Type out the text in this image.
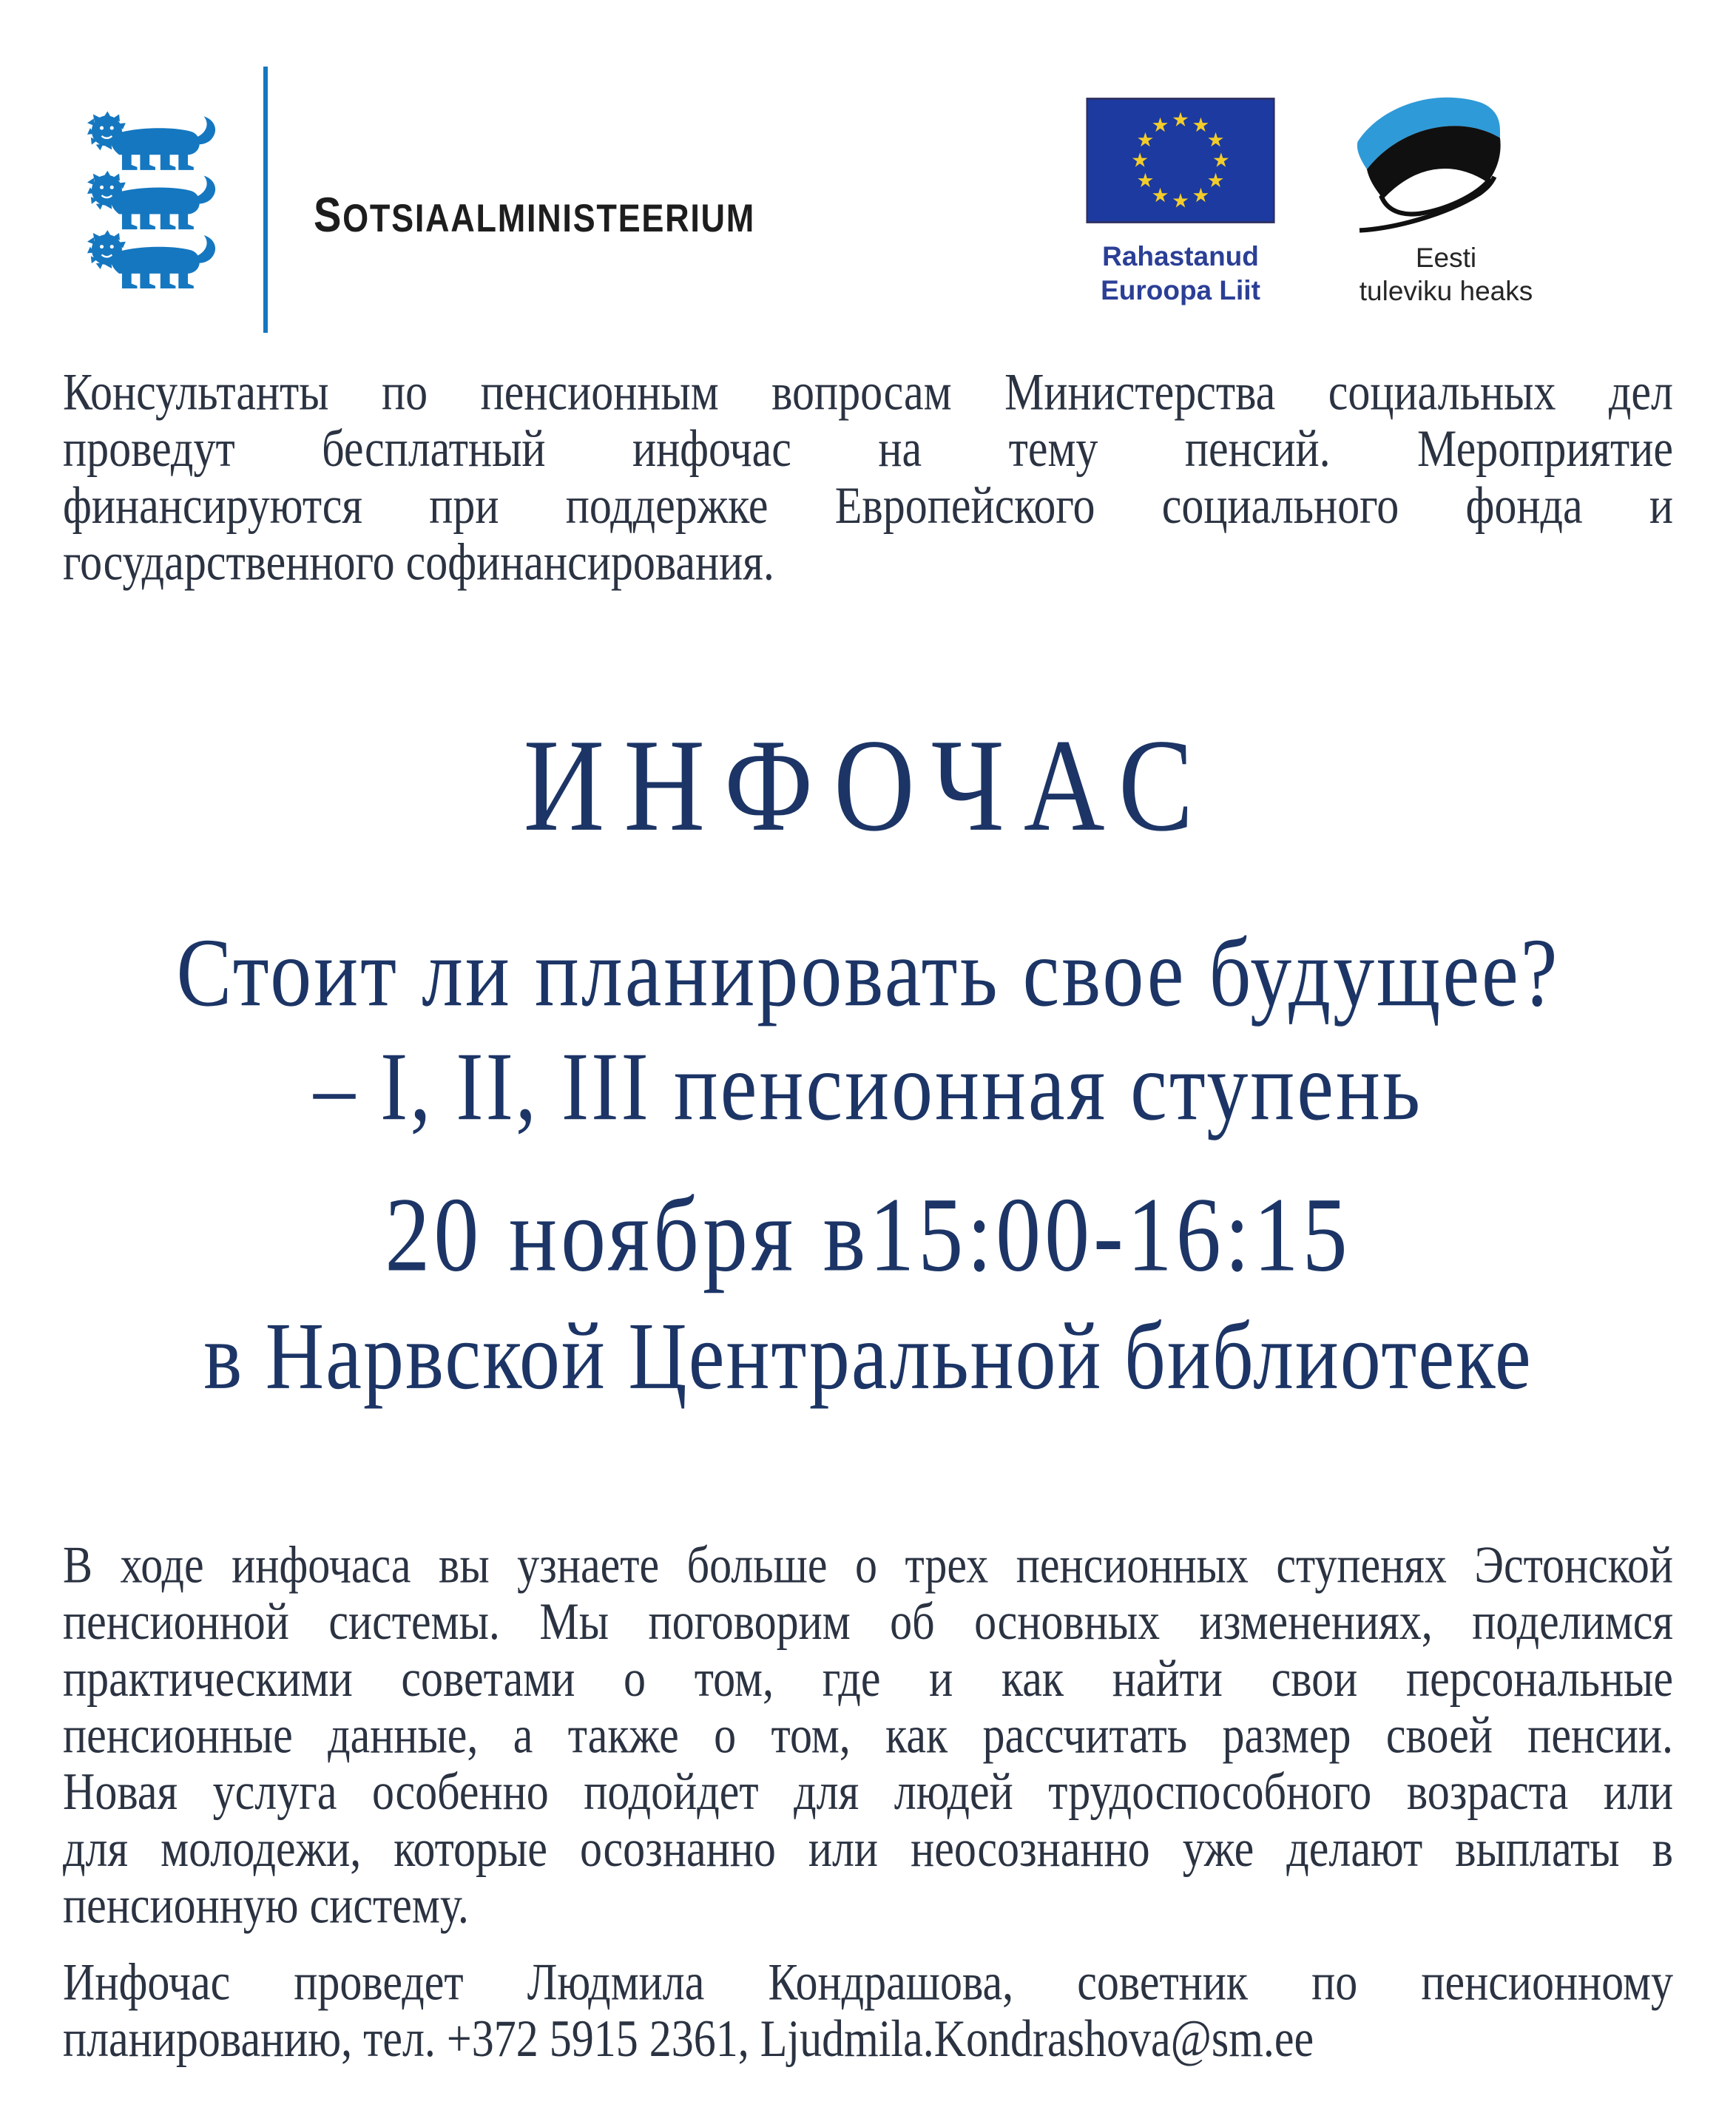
SOTSIAALMINISTEERIUM
Rahastanud
Euroopa Liit
Eesti
tuleviku heaks
Консультанты по пенсионным вопросам Министерства социальных дел
проведут бесплатный инфочас на тему пенсий. Мероприятие
финансируются при поддержке Европейского социального фонда и
государственного софинансирования.
ИНФОЧАС
Стоит ли планировать свое будущее?
– I, II, III пенсионная ступень
20 ноября в15:00-16:15
в Нарвской Центральной библиотеке
В ходе инфочаса вы узнаете больше о трех пенсионных ступенях Эстонской
пенсионной системы. Мы поговорим об основных изменениях, поделимся
практическими советами о том, где и как найти свои персональные
пенсионные данные, а также о том, как рассчитать размер своей пенсии.
Новая услуга особенно подойдет для людей трудоспособного возраста или
для молодежи, которые осознанно или неосознанно уже делают выплаты в
пенсионную систему.
Инфочас проведет Людмила Кондрашова, советник по пенсионному
планированию, тел. +372 5915 2361, Ljudmila.Kondrashova@sm.ee
